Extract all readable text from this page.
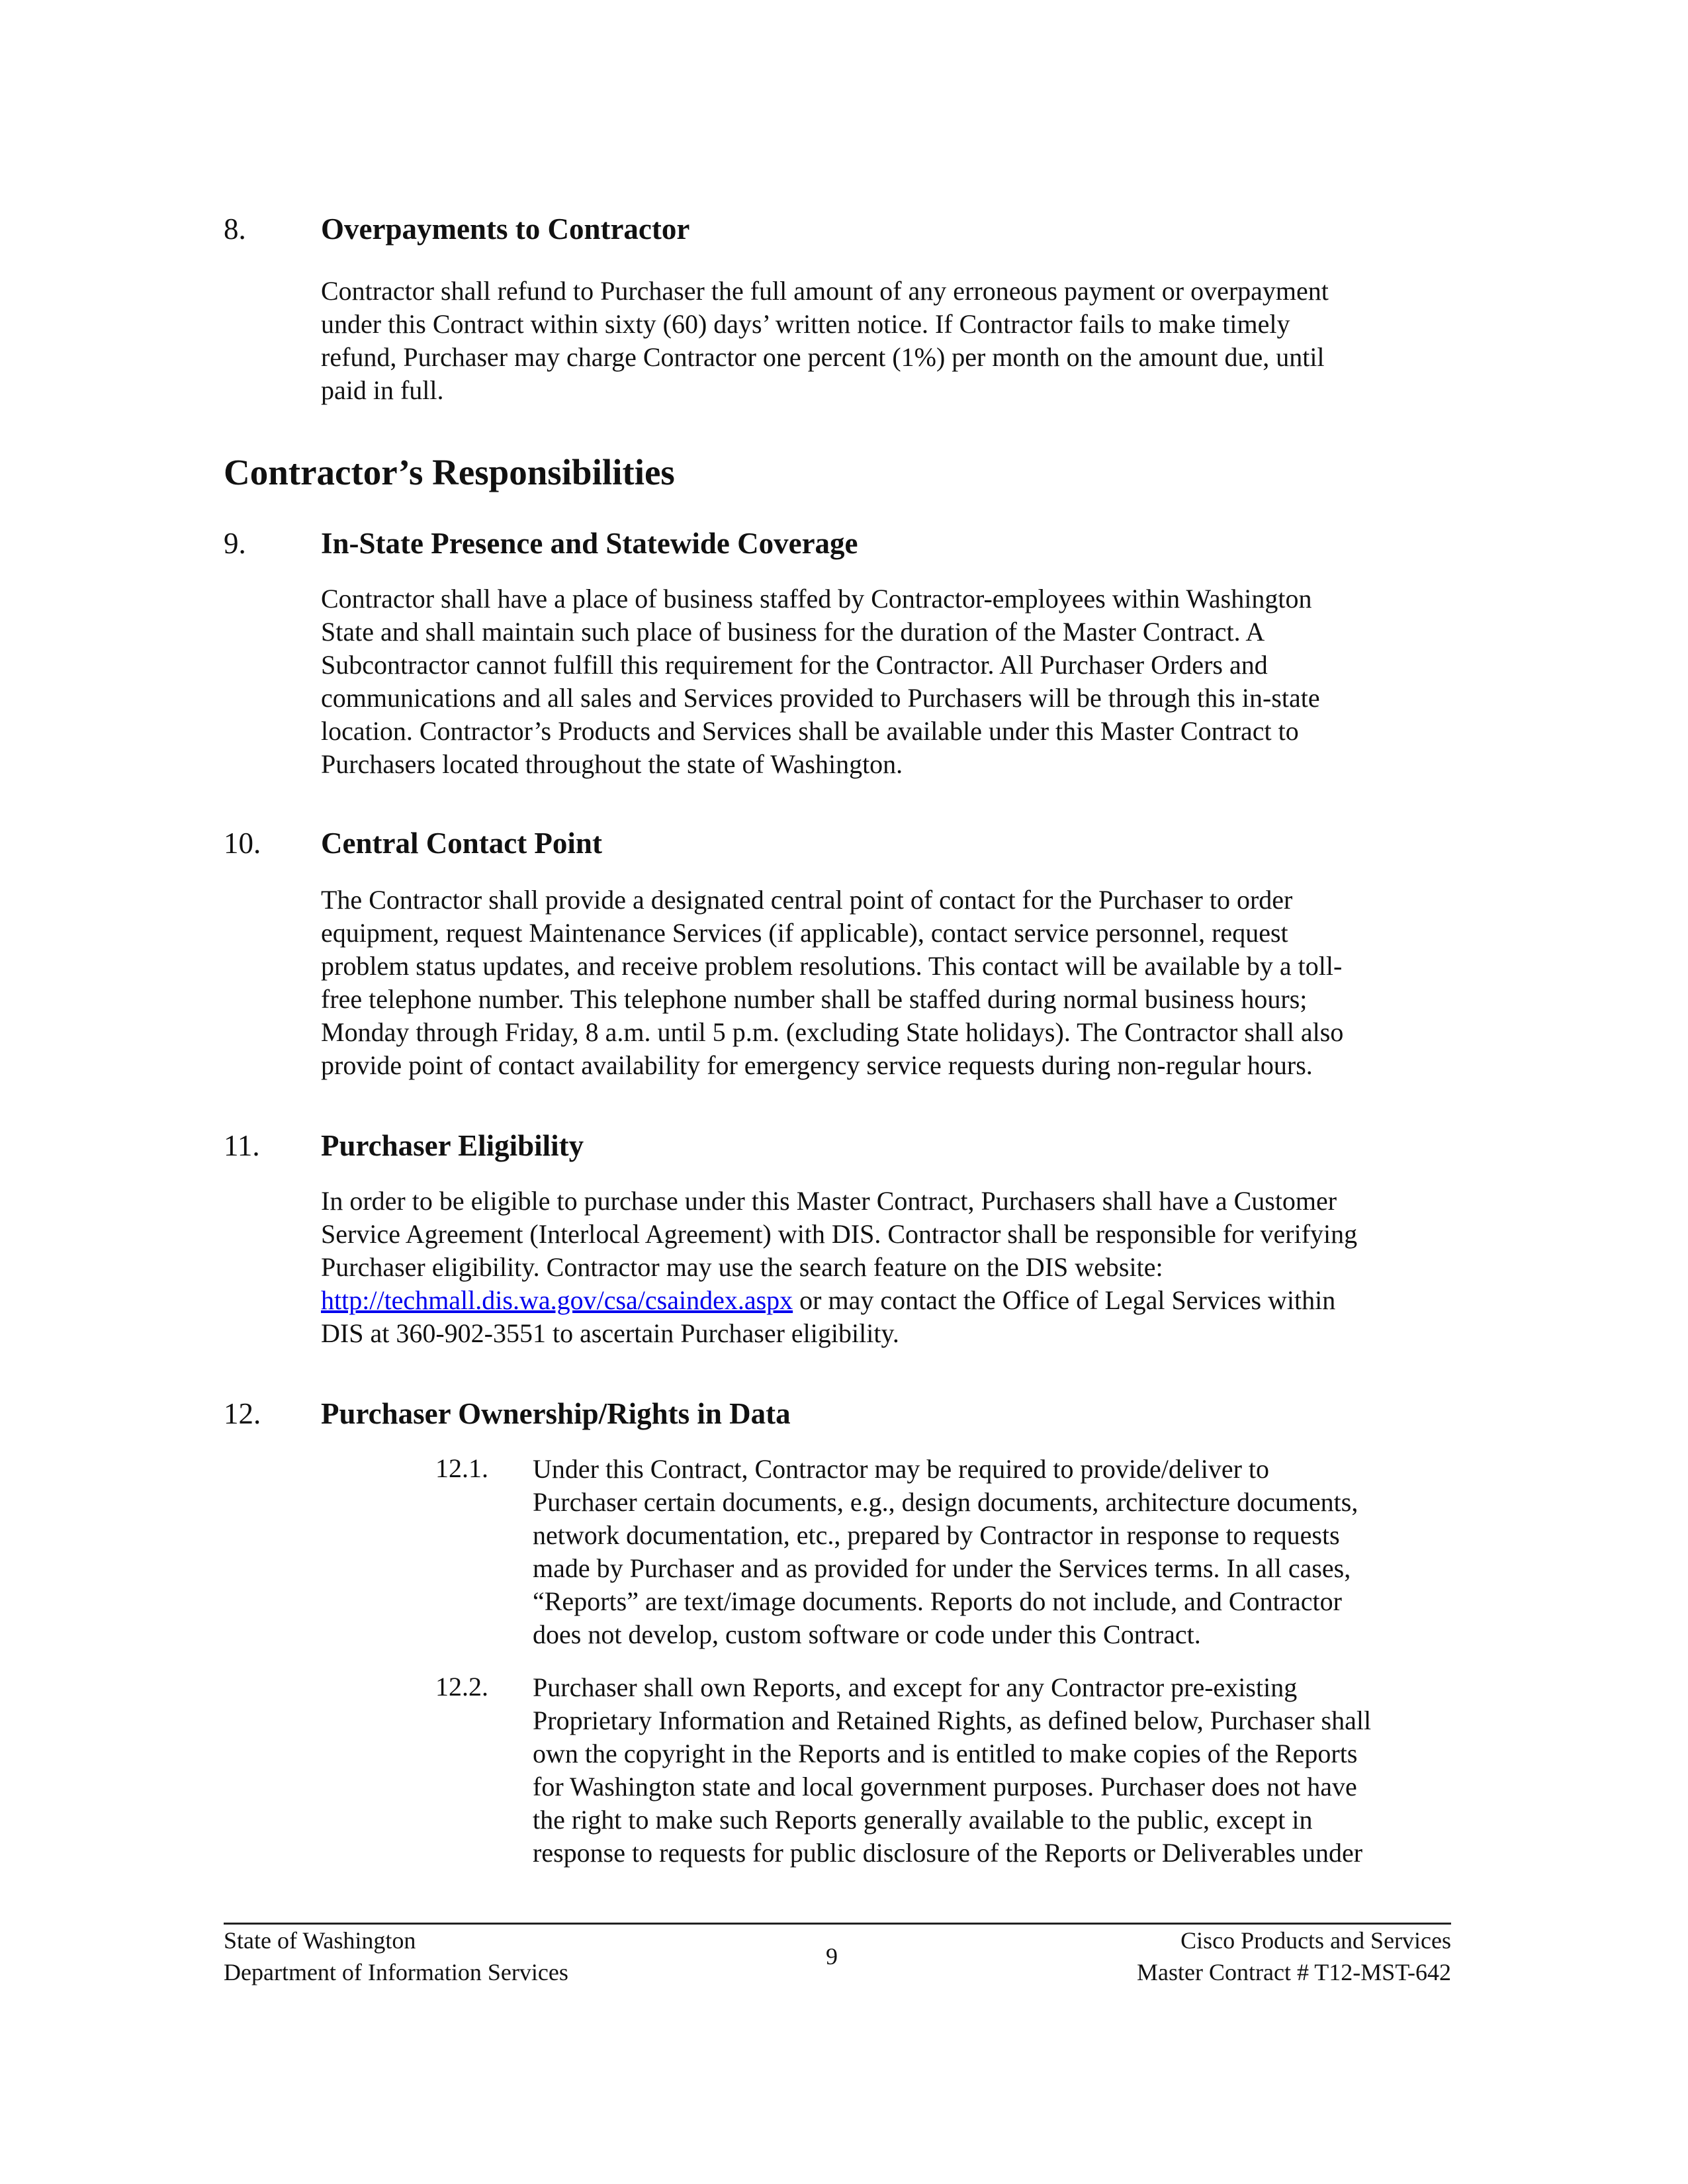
8.	Overpayments to Contractor
Contractor shall refund to Purchaser the full amount of any erroneous payment or overpayment
under this Contract within sixty (60) days’ written notice. If Contractor fails to make timely
refund, Purchaser may charge Contractor one percent (1%) per month on the amount due, until
paid in full.
Contractor’s Responsibilities
9.	In-State Presence and Statewide Coverage
Contractor shall have a place of business staffed by Contractor-employees within Washington
State and shall maintain such place of business for the duration of the Master Contract. A
Subcontractor cannot fulfill this requirement for the Contractor. All Purchaser Orders and
communications and all sales and Services provided to Purchasers will be through this in-state
location. Contractor’s Products and Services shall be available under this Master Contract to
Purchasers located throughout the state of Washington.
10. Central Contact Point
The Contractor shall provide a designated central point of contact for the Purchaser to order
equipment, request Maintenance Services (if applicable), contact service personnel, request
problem status updates, and receive problem resolutions. This contact will be available by a toll-
free telephone number. This telephone number shall be staffed during normal business hours;
Monday through Friday, 8 a.m. until 5 p.m. (excluding State holidays). The Contractor shall also
provide point of contact availability for emergency service requests during non-regular hours.
11. Purchaser Eligibility
In order to be eligible to purchase under this Master Contract, Purchasers shall have a Customer
Service Agreement (Interlocal Agreement) with DIS. Contractor shall be responsible for verifying
Purchaser eligibility. Contractor may use the search feature on the DIS website:
http://techmall.dis.wa.gov/csa/csaindex.aspx or may contact the Office of Legal Services within
DIS at 360-902-3551 to ascertain Purchaser eligibility.
12. Purchaser Ownership/Rights in Data
12.1. Under this Contract, Contractor may be required to provide/deliver to
Purchaser certain documents, e.g., design documents, architecture documents,
network documentation, etc., prepared by Contractor in response to requests
made by Purchaser and as provided for under the Services terms. In all cases,
“Reports” are text/image documents. Reports do not include, and Contractor
does not develop, custom software or code under this Contract.
12.2. Purchaser shall own Reports, and except for any Contractor pre-existing
Proprietary Information and Retained Rights, as defined below, Purchaser shall
own the copyright in the Reports and is entitled to make copies of the Reports
for Washington state and local government purposes. Purchaser does not have
the right to make such Reports generally available to the public, except in
response to requests for public disclosure of the Reports or Deliverables under
State of Washington
Department of Information Services
9
Cisco Products and Services
Master Contract # T12-MST-642
